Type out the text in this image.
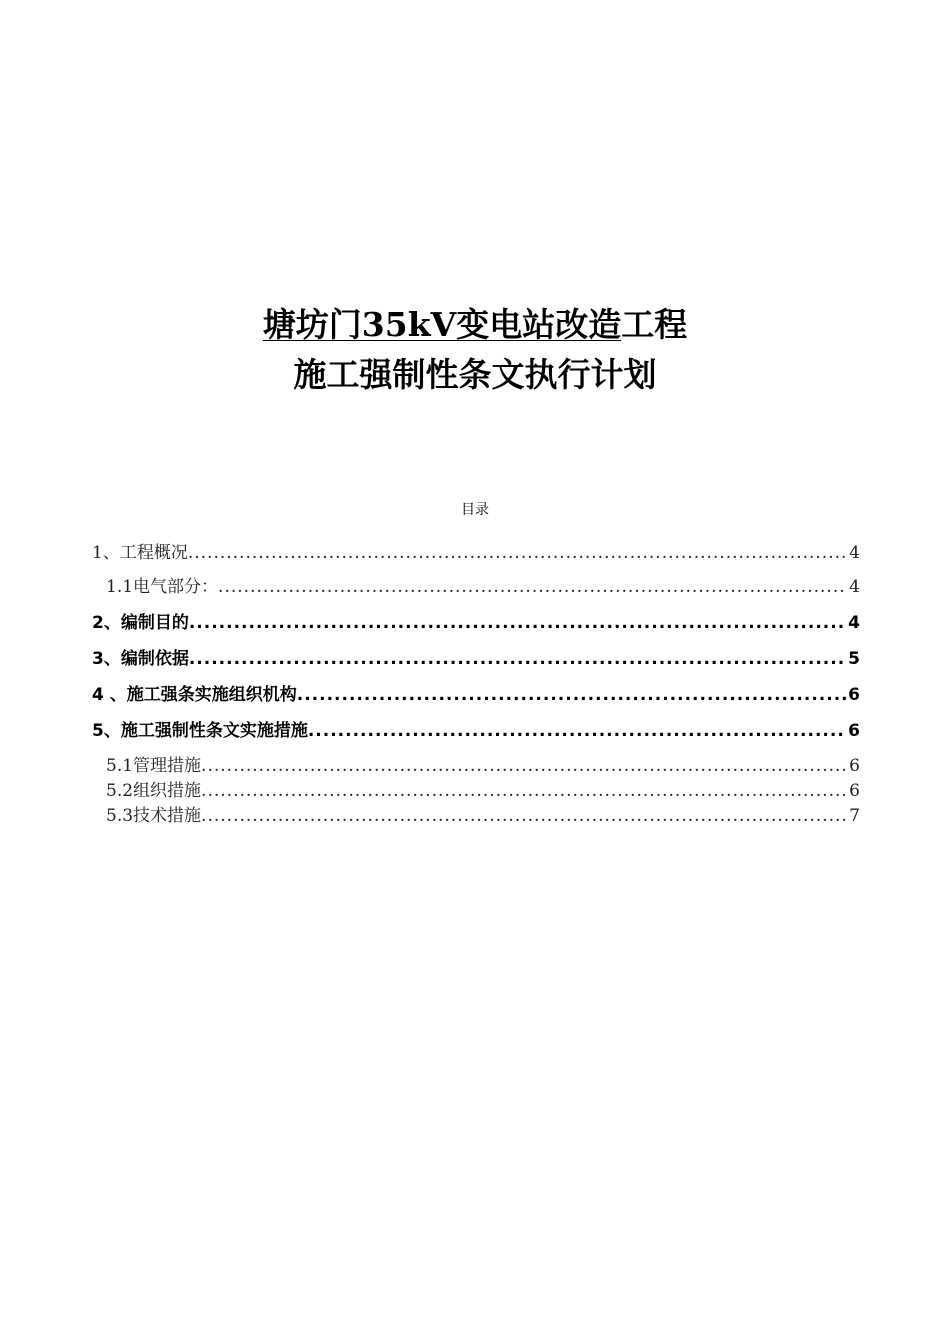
塘坊门35kV变电站改造工程
施工强制性条文执行计划
目录
1、工程概况 .....	4
1.1电气部分： .....	4
2、编制目的 .....	4
3、编制依据 .....	5
4 、施工强条实施组织机构 .....	6
5、施工强制性条文实施措施 .....	6
5.1管理措施 .....	6
5.2组织措施 .....	6
5.3技术措施 .....	7
